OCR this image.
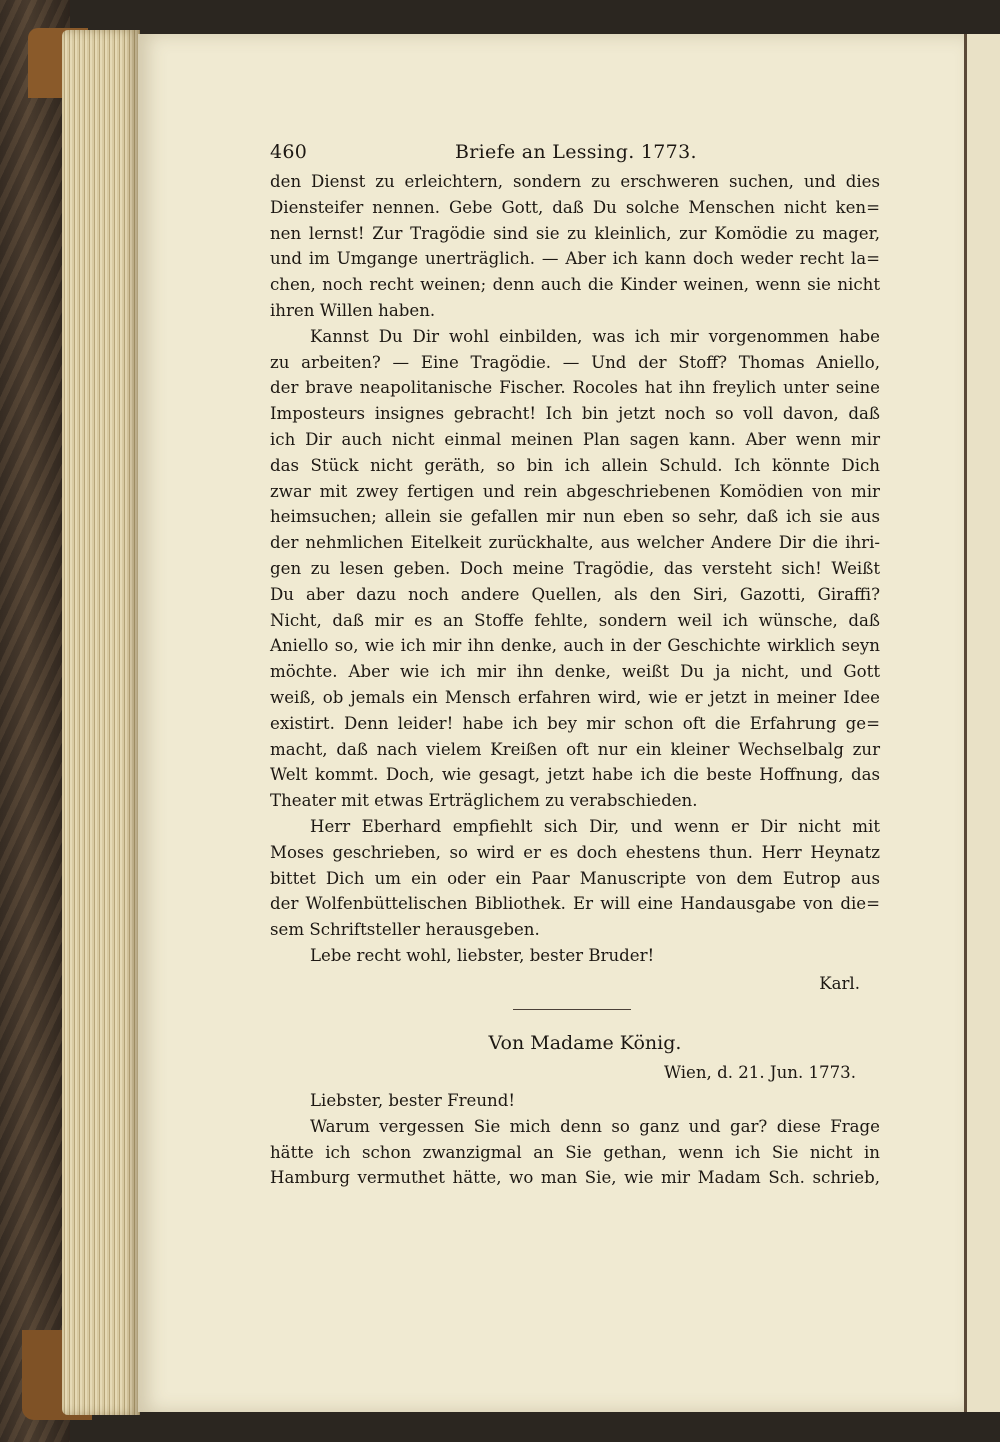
460	Briefe an Lessing. 1773.
den Dienst zu erleichtern, sondern zu erschweren suchen, und dies
Diensteifer nennen. Gebe Gott, daß Du solche Menschen nicht ken=
nen lernst! Zur Tragödie sind sie zu kleinlich, zur Komödie zu mager,
und im Umgange unerträglich. — Aber ich kann doch weder recht la=
chen, noch recht weinen; denn auch die Kinder weinen, wenn sie nicht
ihren Willen haben.
Kannst Du Dir wohl einbilden, was ich mir vorgenommen habe
zu arbeiten? — Eine Tragödie. — Und der Stoff? Thomas Aniello,
der brave neapolitanische Fischer. Rocoles hat ihn freylich unter seine
Imposteurs insignes gebracht! Ich bin jetzt noch so voll davon, daß
ich Dir auch nicht einmal meinen Plan sagen kann. Aber wenn mir
das Stück nicht geräth, so bin ich allein Schuld. Ich könnte Dich
zwar mit zwey fertigen und rein abgeschriebenen Komödien von mir
heimsuchen; allein sie gefallen mir nun eben so sehr, daß ich sie aus
der nehmlichen Eitelkeit zurückhalte, aus welcher Andere Dir die ihri-
gen zu lesen geben. Doch meine Tragödie, das versteht sich! Weißt
Du aber dazu noch andere Quellen, als den Siri, Gazotti, Giraffi?
Nicht, daß mir es an Stoffe fehlte, sondern weil ich wünsche, daß
Aniello so, wie ich mir ihn denke, auch in der Geschichte wirklich seyn
möchte. Aber wie ich mir ihn denke, weißt Du ja nicht, und Gott
weiß, ob jemals ein Mensch erfahren wird, wie er jetzt in meiner Idee
existirt. Denn leider! habe ich bey mir schon oft die Erfahrung ge=
macht, daß nach vielem Kreißen oft nur ein kleiner Wechselbalg zur
Welt kommt. Doch, wie gesagt, jetzt habe ich die beste Hoffnung, das
Theater mit etwas Erträglichem zu verabschieden.
Herr Eberhard empfiehlt sich Dir, und wenn er Dir nicht mit
Moses geschrieben, so wird er es doch ehestens thun. Herr Heynatz
bittet Dich um ein oder ein Paar Manuscripte von dem Eutrop aus
der Wolfenbüttelischen Bibliothek. Er will eine Handausgabe von die=
sem Schriftsteller herausgeben.
Lebe recht wohl, liebster, bester Bruder!
Karl.
Von Madame König.
Wien, d. 21. Jun. 1773.
Liebster, bester Freund!
Warum vergessen Sie mich denn so ganz und gar? diese Frage
hätte ich schon zwanzigmal an Sie gethan, wenn ich Sie nicht in
Hamburg vermuthet hätte, wo man Sie, wie mir Madam Sch. schrieb,
